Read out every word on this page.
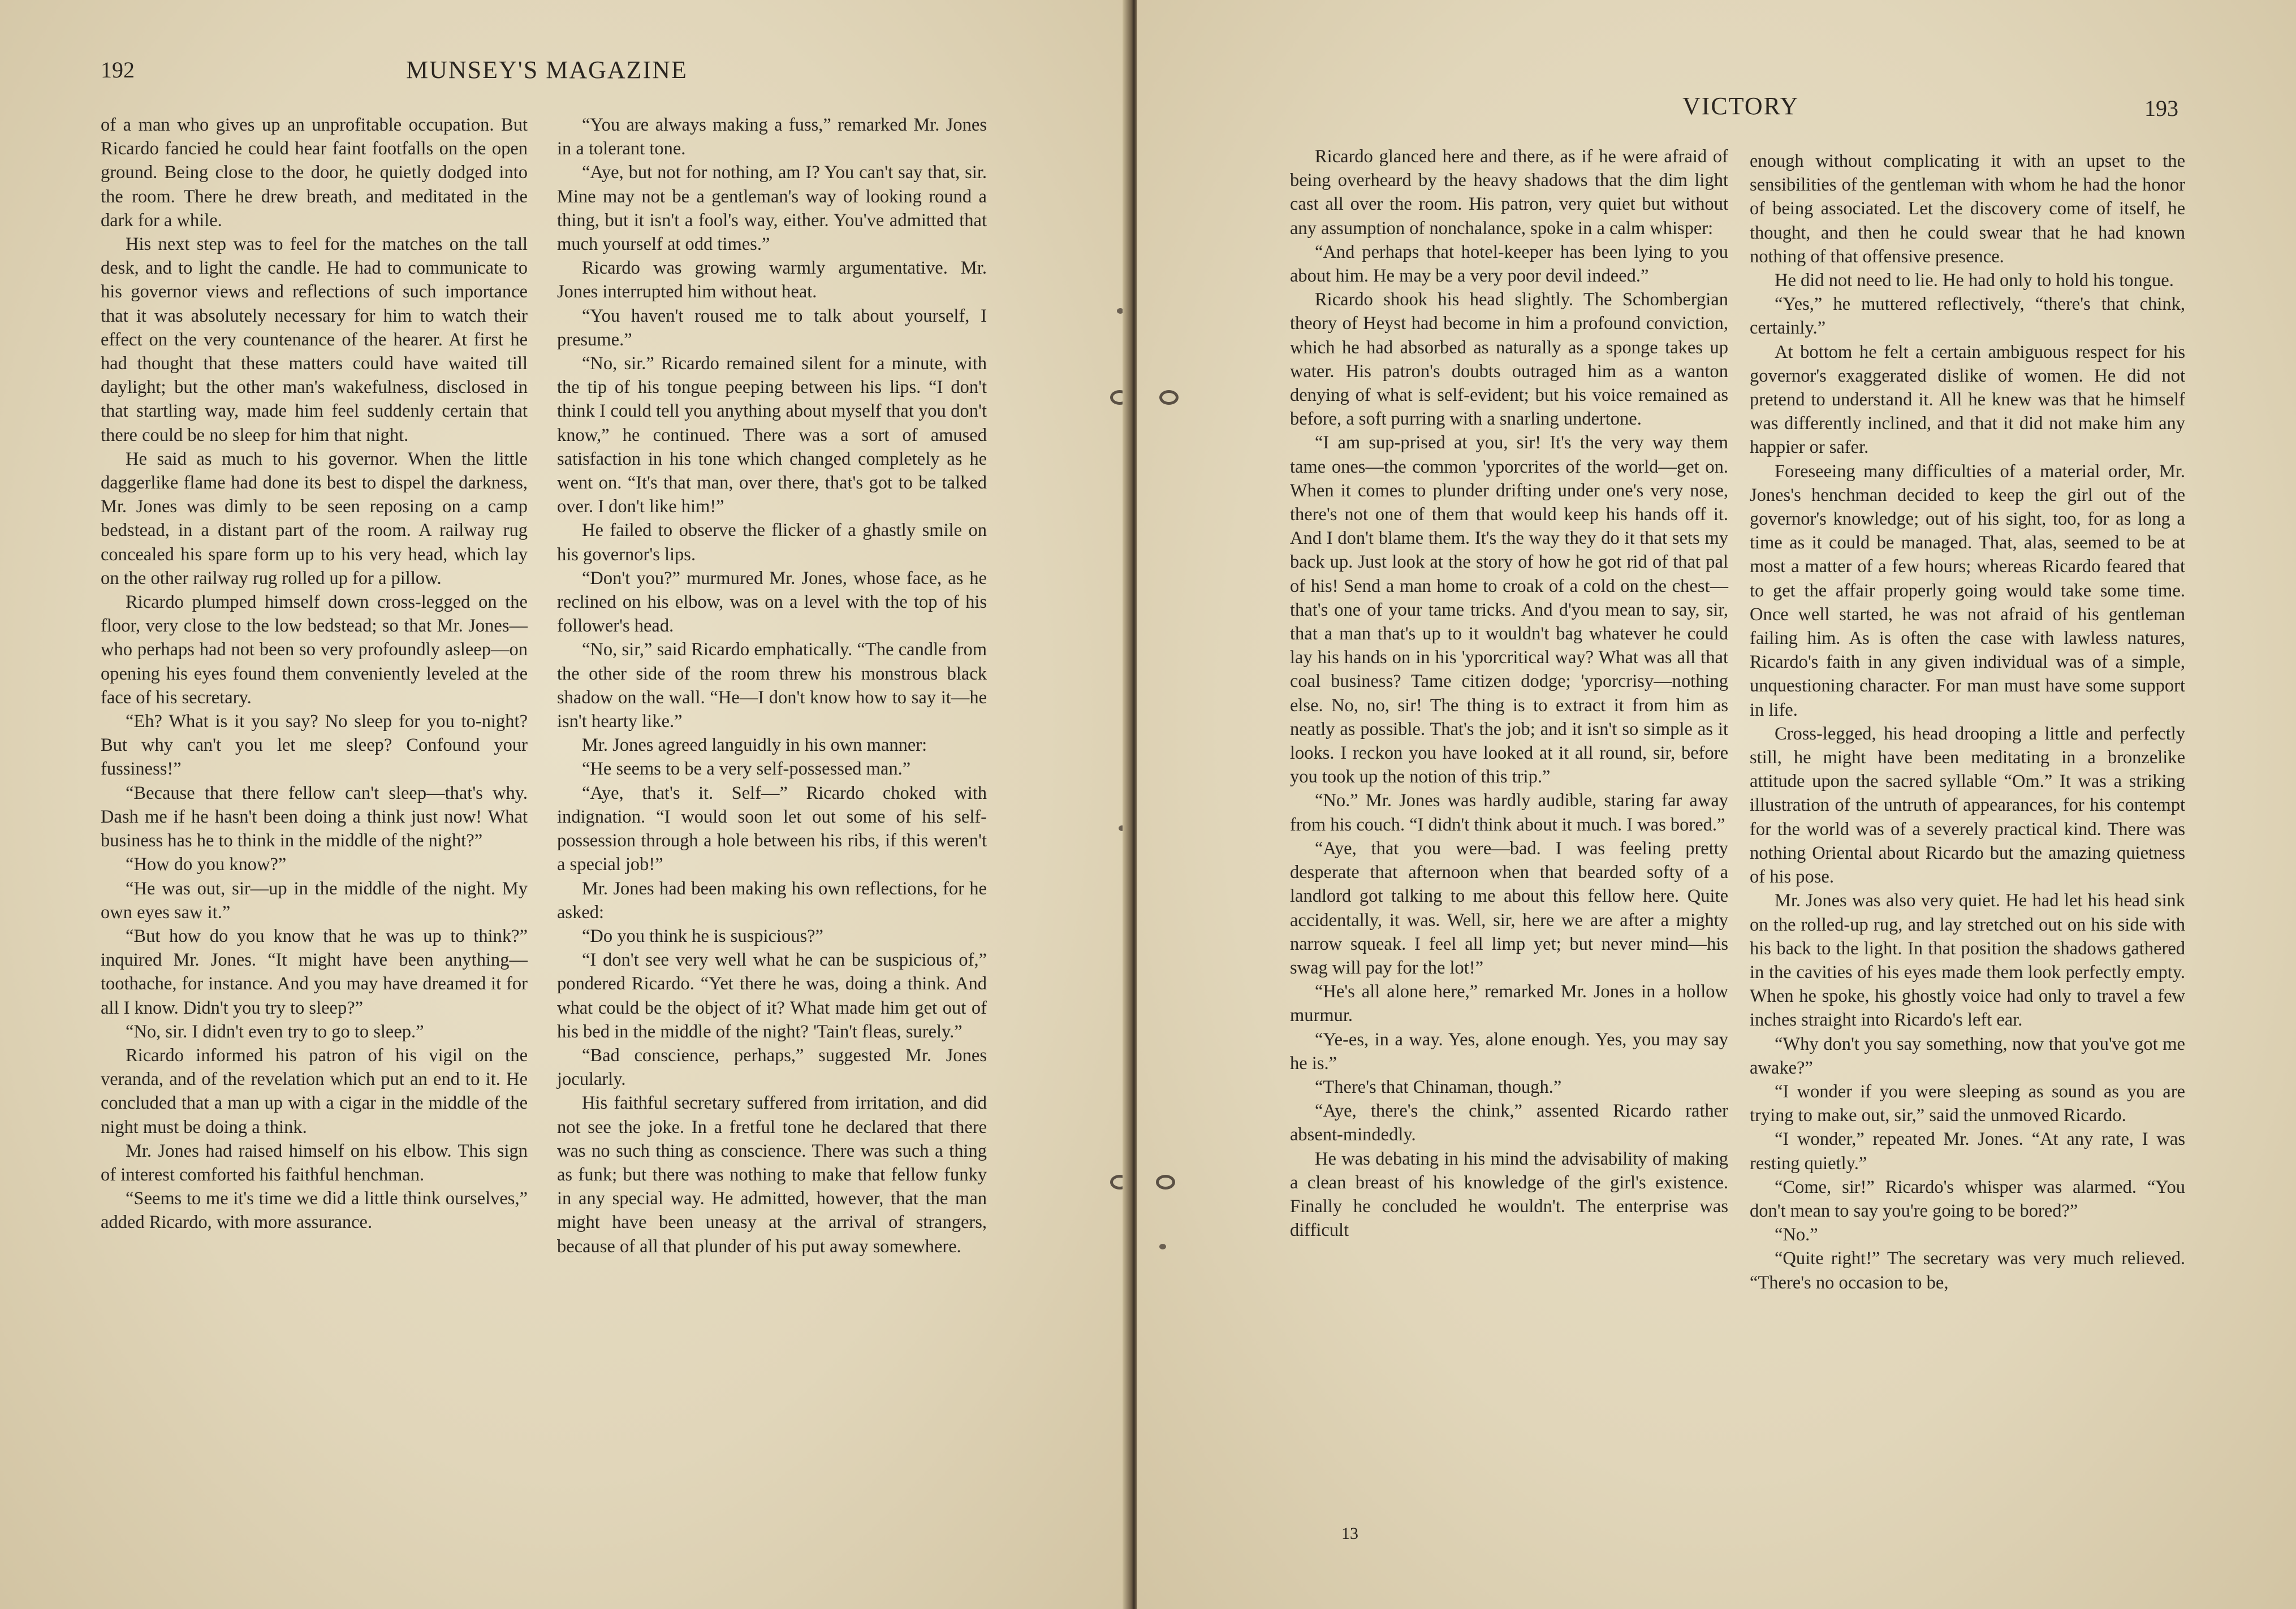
192	MUNSEY'S MAGAZINE

of a man who gives up an unprofitable occupation. But Ricardo fancied he could hear faint footfalls on the open ground. Being close to the door, he quietly dodged into the room. There he drew breath, and meditated in the dark for a while.

His next step was to feel for the matches on the tall desk, and to light the candle. He had to communicate to his governor views and reflections of such importance that it was absolutely necessary for him to watch their effect on the very countenance of the hearer. At first he had thought that these matters could have waited till daylight; but the other man's wakefulness, disclosed in that startling way, made him feel suddenly certain that there could be no sleep for him that night.

He said as much to his governor. When the little daggerlike flame had done its best to dispel the darkness, Mr. Jones was dimly to be seen reposing on a camp bedstead, in a distant part of the room. A railway rug concealed his spare form up to his very head, which lay on the other railway rug rolled up for a pillow.

Ricardo plumped himself down cross-legged on the floor, very close to the low bedstead; so that Mr. Jones—who perhaps had not been so very profoundly asleep—on opening his eyes found them conveniently leveled at the face of his secretary.

“Eh? What is it you say? No sleep for you to-night? But why can't you let me sleep? Confound your fussiness!”

“Because that there fellow can't sleep—that's why. Dash me if he hasn't been doing a think just now! What business has he to think in the middle of the night?”

“How do you know?”

“He was out, sir—up in the middle of the night. My own eyes saw it.”

“But how do you know that he was up to think?” inquired Mr. Jones. “It might have been anything—toothache, for instance. And you may have dreamed it for all I know. Didn't you try to sleep?”

“No, sir. I didn't even try to go to sleep.”

Ricardo informed his patron of his vigil on the veranda, and of the revelation which put an end to it. He concluded that a man up with a cigar in the middle of the night must be doing a think.

Mr. Jones had raised himself on his elbow. This sign of interest comforted his faithful henchman.

“Seems to me it's time we did a little think ourselves,” added Ricardo, with more assurance.

“You are always making a fuss,” remarked Mr. Jones in a tolerant tone.

“Aye, but not for nothing, am I? You can't say that, sir. Mine may not be a gentleman's way of looking round a thing, but it isn't a fool's way, either. You've admitted that much yourself at odd times.”

Ricardo was growing warmly argumentative. Mr. Jones interrupted him without heat.

“You haven't roused me to talk about yourself, I presume.”

“No, sir.” Ricardo remained silent for a minute, with the tip of his tongue peeping between his lips. “I don't think I could tell you anything about myself that you don't know,” he continued. There was a sort of amused satisfaction in his tone which changed completely as he went on. “It's that man, over there, that's got to be talked over. I don't like him!”

He failed to observe the flicker of a ghastly smile on his governor's lips.

“Don't you?” murmured Mr. Jones, whose face, as he reclined on his elbow, was on a level with the top of his follower's head.

“No, sir,” said Ricardo emphatically. “The candle from the other side of the room threw his monstrous black shadow on the wall. “He—I don't know how to say it—he isn't hearty like.”

Mr. Jones agreed languidly in his own manner:

“He seems to be a very self-possessed man.”

“Aye, that's it. Self—” Ricardo choked with indignation. “I would soon let out some of his self-possession through a hole between his ribs, if this weren't a special job!”

Mr. Jones had been making his own reflections, for he asked:

“Do you think he is suspicious?”

“I don't see very well what he can be suspicious of,” pondered Ricardo. “Yet there he was, doing a think. And what could be the object of it? What made him get out of his bed in the middle of the night? 'Tain't fleas, surely.”

“Bad conscience, perhaps,” suggested Mr. Jones jocularly.

His faithful secretary suffered from irritation, and did not see the joke. In a fretful tone he declared that there was no such thing as conscience. There was such a thing as funk; but there was nothing to make that fellow funky in any special way. He admitted, however, that the man might have been uneasy at the arrival of strangers, because of all that plunder of his put away somewhere.

VICTORY	193

Ricardo glanced here and there, as if he were afraid of being overheard by the heavy shadows that the dim light cast all over the room. His patron, very quiet but without any assumption of nonchalance, spoke in a calm whisper:

“And perhaps that hotel-keeper has been lying to you about him. He may be a very poor devil indeed.”

Ricardo shook his head slightly. The Schombergian theory of Heyst had become in him a profound conviction, which he had absorbed as naturally as a sponge takes up water. His patron's doubts outraged him as a wanton denying of what is self-evident; but his voice remained as before, a soft purring with a snarling undertone.

“I am sup-prised at you, sir! It's the very way them tame ones—the common 'yporcrites of the world—get on. When it comes to plunder drifting under one's very nose, there's not one of them that would keep his hands off it. And I don't blame them. It's the way they do it that sets my back up. Just look at the story of how he got rid of that pal of his! Send a man home to croak of a cold on the chest—that's one of your tame tricks. And d'you mean to say, sir, that a man that's up to it wouldn't bag whatever he could lay his hands on in his 'yporcritical way? What was all that coal business? Tame citizen dodge; 'yporcrisy—nothing else. No, no, sir! The thing is to extract it from him as neatly as possible. That's the job; and it isn't so simple as it looks. I reckon you have looked at it all round, sir, before you took up the notion of this trip.”

“No.” Mr. Jones was hardly audible, staring far away from his couch. “I didn't think about it much. I was bored.”

“Aye, that you were—bad. I was feeling pretty desperate that afternoon when that bearded softy of a landlord got talking to me about this fellow here. Quite accidentally, it was. Well, sir, here we are after a mighty narrow squeak. I feel all limp yet; but never mind—his swag will pay for the lot!”

“He's all alone here,” remarked Mr. Jones in a hollow murmur.

“Ye-es, in a way. Yes, alone enough. Yes, you may say he is.”

“There's that Chinaman, though.”

“Aye, there's the chink,” assented Ricardo rather absent-mindedly.

He was debating in his mind the advisability of making a clean breast of his knowledge of the girl's existence. Finally he concluded he wouldn't. The enterprise was difficult

enough without complicating it with an upset to the sensibilities of the gentleman with whom he had the honor of being associated. Let the discovery come of itself, he thought, and then he could swear that he had known nothing of that offensive presence.

He did not need to lie. He had only to hold his tongue.

“Yes,” he muttered reflectively, “there's that chink, certainly.”

At bottom he felt a certain ambiguous respect for his governor's exaggerated dislike of women. He did not pretend to understand it. All he knew was that he himself was differently inclined, and that it did not make him any happier or safer.

Foreseeing many difficulties of a material order, Mr. Jones's henchman decided to keep the girl out of the governor's knowledge; out of his sight, too, for as long a time as it could be managed. That, alas, seemed to be at most a matter of a few hours; whereas Ricardo feared that to get the affair properly going would take some time. Once well started, he was not afraid of his gentleman failing him. As is often the case with lawless natures, Ricardo's faith in any given individual was of a simple, unquestioning character. For man must have some support in life.

Cross-legged, his head drooping a little and perfectly still, he might have been meditating in a bronzelike attitude upon the sacred syllable “Om.” It was a striking illustration of the untruth of appearances, for his contempt for the world was of a severely practical kind. There was nothing Oriental about Ricardo but the amazing quietness of his pose.

Mr. Jones was also very quiet. He had let his head sink on the rolled-up rug, and lay stretched out on his side with his back to the light. In that position the shadows gathered in the cavities of his eyes made them look perfectly empty. When he spoke, his ghostly voice had only to travel a few inches straight into Ricardo's left ear.

“Why don't you say something, now that you've got me awake?”

“I wonder if you were sleeping as sound as you are trying to make out, sir,” said the unmoved Ricardo.

“I wonder,” repeated Mr. Jones. “At any rate, I was resting quietly.”

“Come, sir!” Ricardo's whisper was alarmed. “You don't mean to say you're going to be bored?”

“No.”

“Quite right!” The secretary was very much relieved. “There's no occasion to be,

13
